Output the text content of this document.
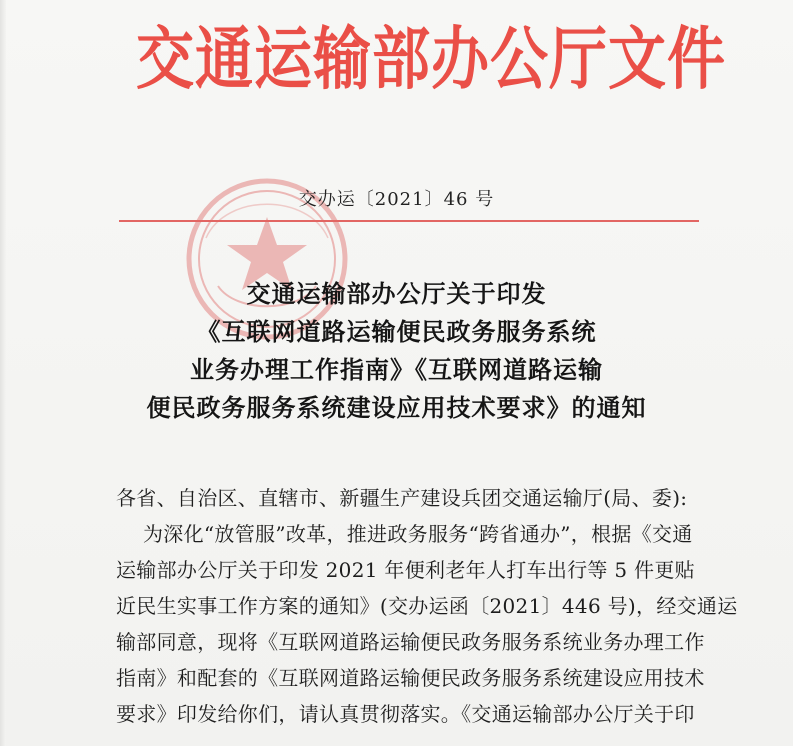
交通运输部办公厅文件
交办运〔2021〕46 号
交通运输部办公厅关于印发
《互联网道路运输便民政务服务系统
业务办理工作指南》《互联网道路运输
便民政务服务系统建设应用技术要求》的通知
各省、自治区、直辖市、新疆生产建设兵团交通运输厅(局、委):
为深化“放管服”改革，推进政务服务“跨省通办”，根据《交通
运输部办公厅关于印发 2021 年便利老年人打车出行等 5 件更贴
近民生实事工作方案的通知》(交办运函〔2021〕446 号)，经交通运
输部同意，现将《互联网道路运输便民政务服务系统业务办理工作
指南》和配套的《互联网道路运输便民政务服务系统建设应用技术
要求》印发给你们，请认真贯彻落实。《交通运输部办公厅关于印
